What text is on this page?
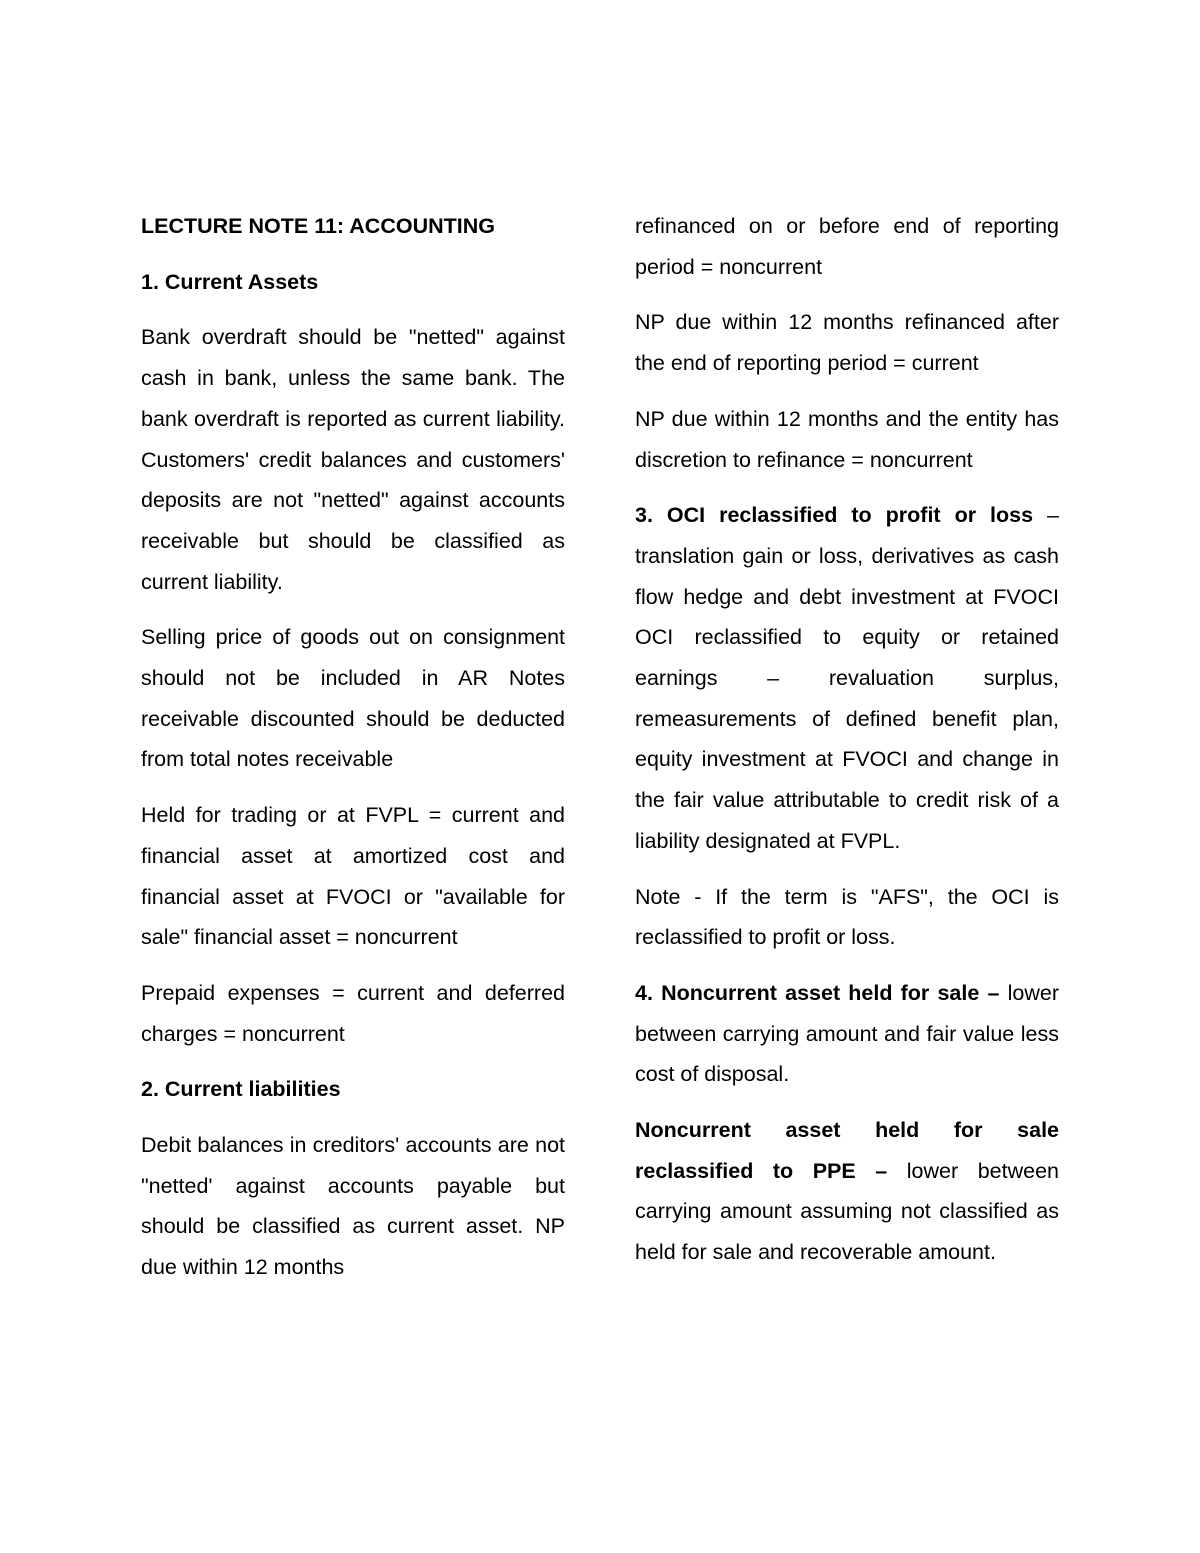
LECTURE NOTE 11: ACCOUNTING

1. Current Assets

Bank overdraft should be "netted" against cash in bank, unless the same bank. The bank overdraft is reported as current liability. Customers' credit balances and customers' deposits are not "netted" against accounts receivable but should be classified as current liability.

Selling price of goods out on consignment should not be included in AR Notes receivable discounted should be deducted from total notes receivable

Held for trading or at FVPL = current and financial asset at amortized cost and financial asset at FVOCI or "available for sale" financial asset = noncurrent

Prepaid expenses = current and deferred charges = noncurrent

2. Current liabilities

Debit balances in creditors' accounts are not "netted' against accounts payable but should be classified as current asset. NP due within 12 months

refinanced on or before end of reporting period = noncurrent

NP due within 12 months refinanced after the end of reporting period = current

NP due within 12 months and the entity has discretion to refinance = noncurrent

3. OCI reclassified to profit or loss – translation gain or loss, derivatives as cash flow hedge and debt investment at FVOCI OCI reclassified to equity or retained earnings – revaluation surplus, remeasurements of defined benefit plan, equity investment at FVOCI and change in the fair value attributable to credit risk of a liability designated at FVPL.

Note - If the term is "AFS", the OCI is reclassified to profit or loss.

4. Noncurrent asset held for sale – lower between carrying amount and fair value less cost of disposal.

Noncurrent asset held for sale reclassified to PPE – lower between carrying amount assuming not classified as held for sale and recoverable amount.
